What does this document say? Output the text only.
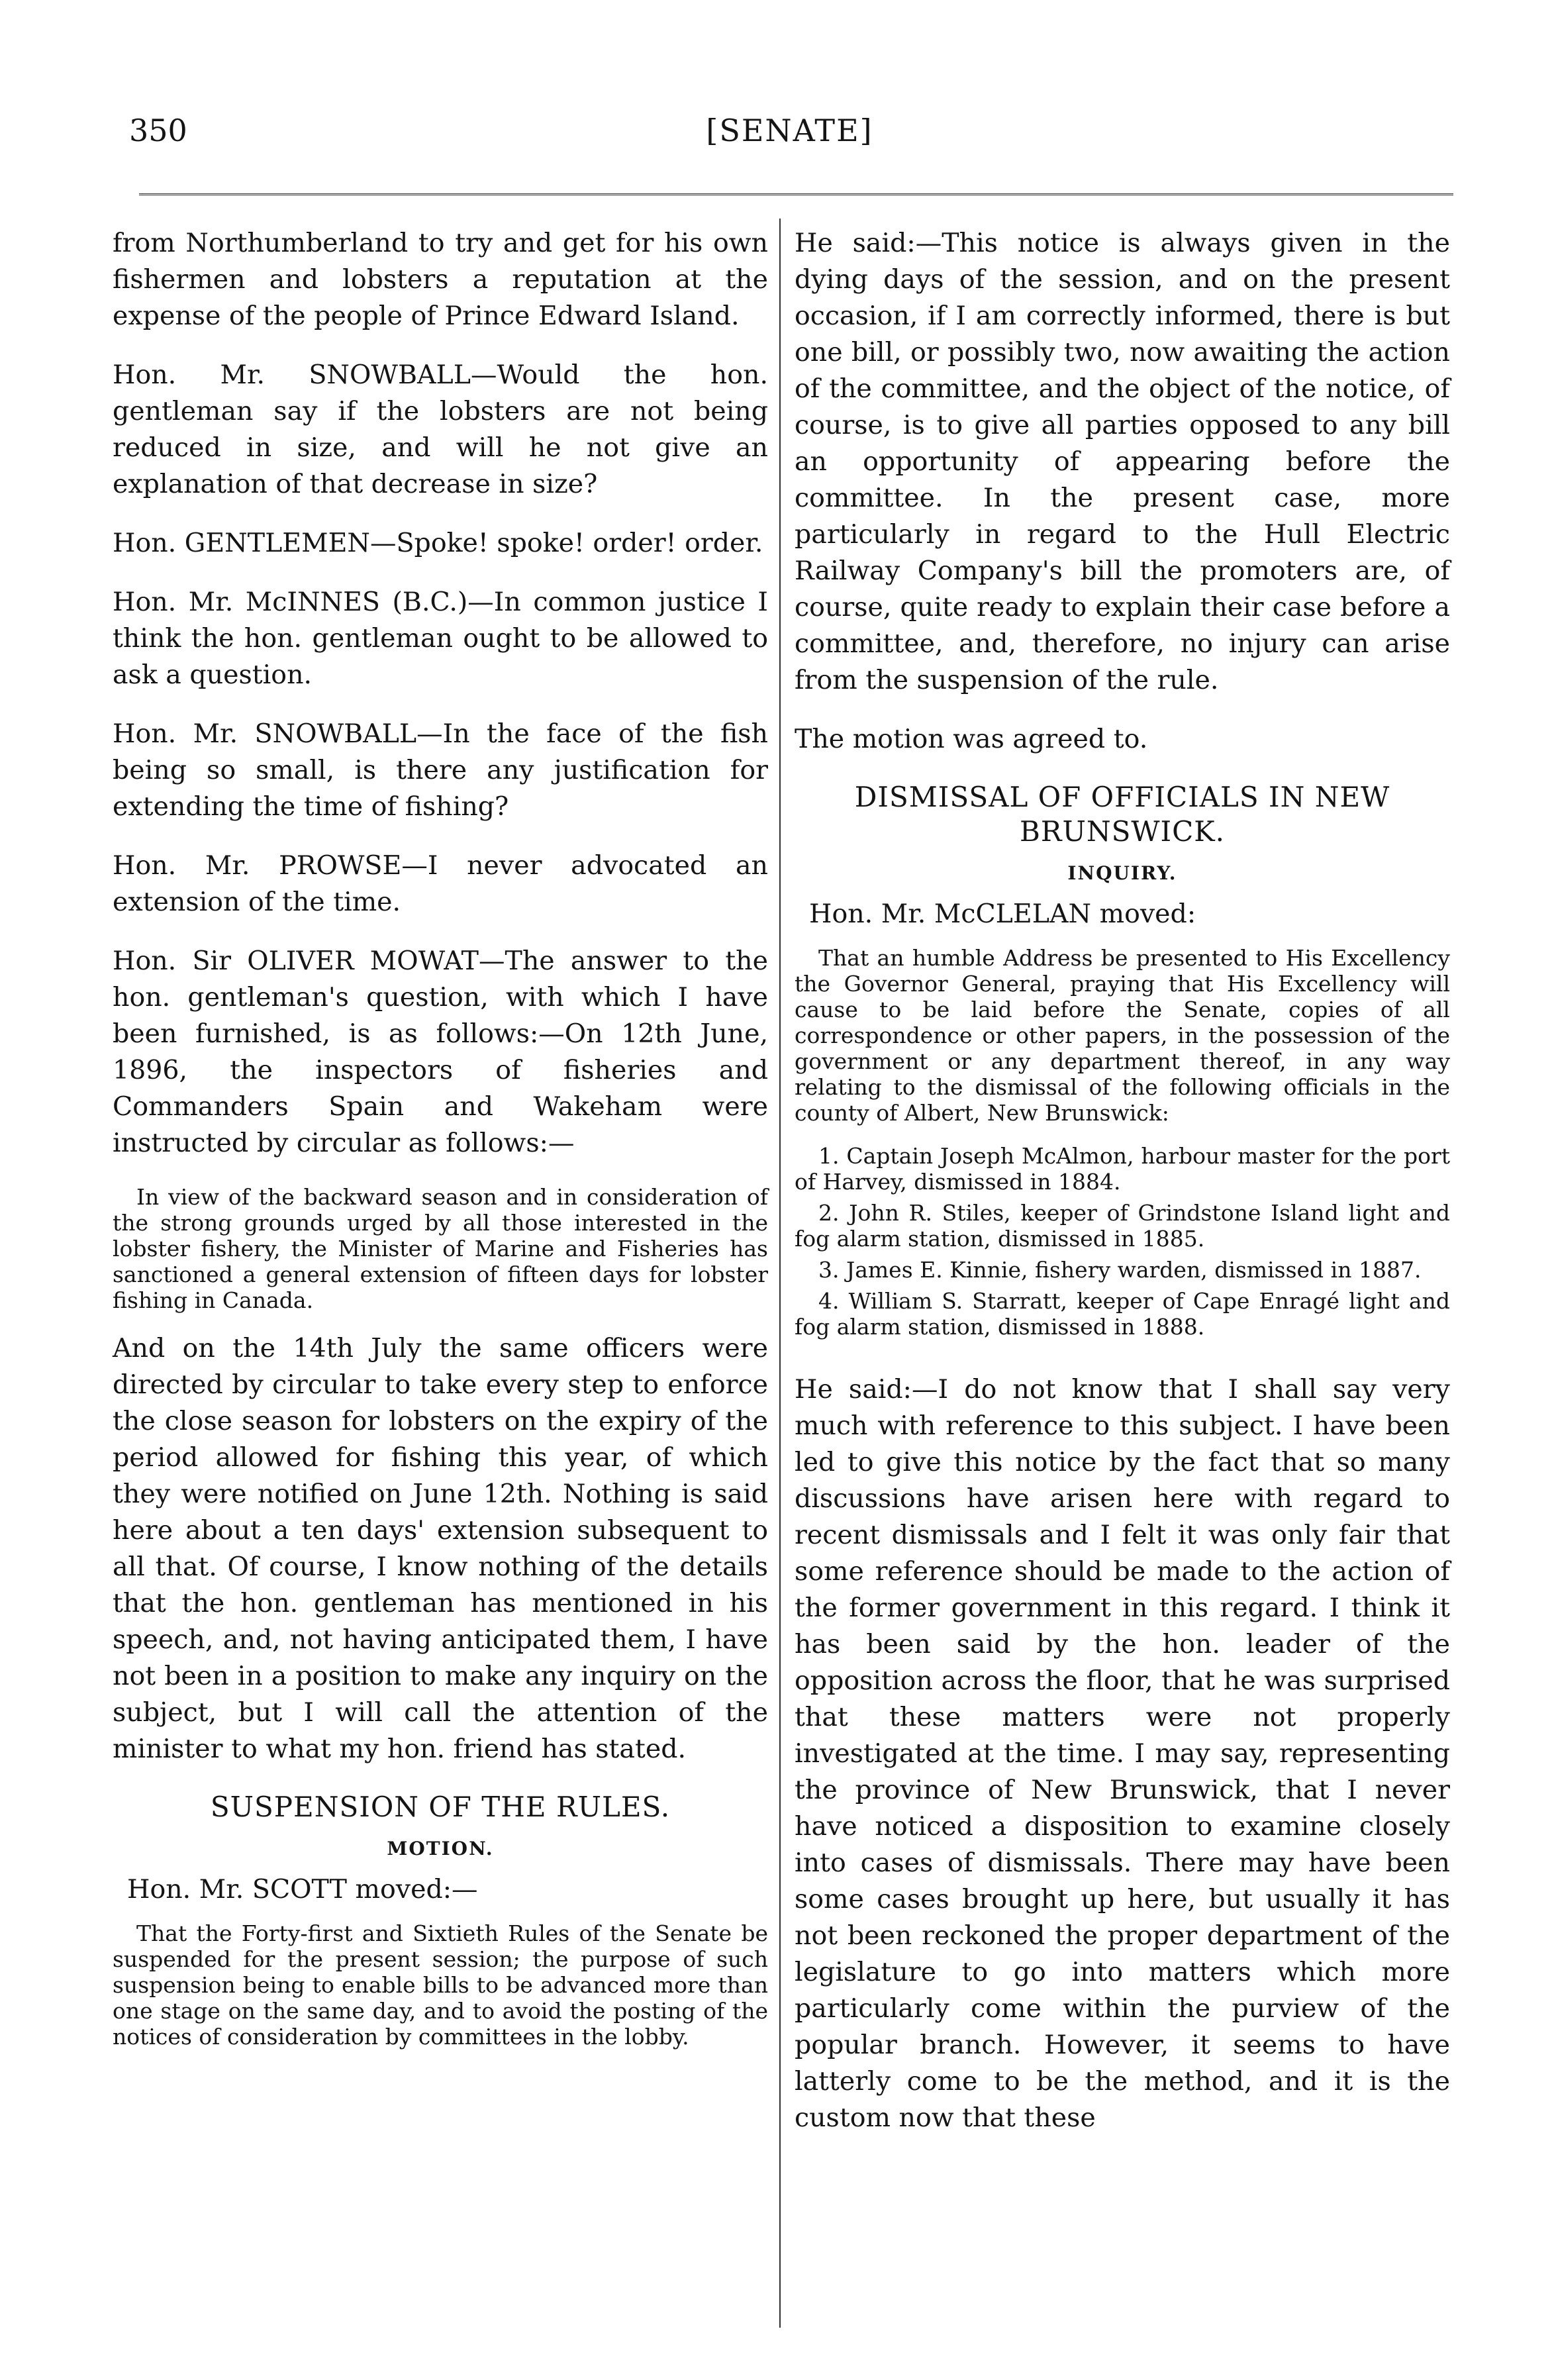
350	[SENATE]

from Northumberland to try and get for his own fishermen and lobsters a reputation at the expense of the people of Prince Edward Island.

Hon. Mr. SNOWBALL—Would the hon. gentleman say if the lobsters are not being reduced in size, and will he not give an explanation of that decrease in size?

Hon. GENTLEMEN—Spoke! spoke! order! order.

Hon. Mr. McINNES (B.C.)—In common justice I think the hon. gentleman ought to be allowed to ask a question.

Hon. Mr. SNOWBALL—In the face of the fish being so small, is there any justification for extending the time of fishing?

Hon. Mr. PROWSE—I never advocated an extension of the time.

Hon. Sir OLIVER MOWAT—The answer to the hon. gentleman's question, with which I have been furnished, is as follows:—On 12th June, 1896, the inspectors of fisheries and Commanders Spain and Wakeham were instructed by circular as follows:—

In view of the backward season and in consideration of the strong grounds urged by all those interested in the lobster fishery, the Minister of Marine and Fisheries has sanctioned a general extension of fifteen days for lobster fishing in Canada.

And on the 14th July the same officers were directed by circular to take every step to enforce the close season for lobsters on the expiry of the period allowed for fishing this year, of which they were notified on June 12th. Nothing is said here about a ten days' extension subsequent to all that. Of course, I know nothing of the details that the hon. gentleman has mentioned in his speech, and, not having anticipated them, I have not been in a position to make any inquiry on the subject, but I will call the attention of the minister to what my hon. friend has stated.

SUSPENSION OF THE RULES.
MOTION.

Hon. Mr. SCOTT moved:—

That the Forty-first and Sixtieth Rules of the Senate be suspended for the present session; the purpose of such suspension being to enable bills to be advanced more than one stage on the same day, and to avoid the posting of the notices of consideration by committees in the lobby.

He said:—This notice is always given in the dying days of the session, and on the present occasion, if I am correctly informed, there is but one bill, or possibly two, now awaiting the action of the committee, and the object of the notice, of course, is to give all parties opposed to any bill an opportunity of appearing before the committee. In the present case, more particularly in regard to the Hull Electric Railway Company's bill the promoters are, of course, quite ready to explain their case before a committee, and, therefore, no injury can arise from the suspension of the rule.

The motion was agreed to.

DISMISSAL OF OFFICIALS IN NEW BRUNSWICK.
INQUIRY.

Hon. Mr. McCLELAN moved:

That an humble Address be presented to His Excellency the Governor General, praying that His Excellency will cause to be laid before the Senate, copies of all correspondence or other papers, in the possession of the government or any department thereof, in any way relating to the dismissal of the following officials in the county of Albert, New Brunswick:

1. Captain Joseph McAlmon, harbour master for the port of Harvey, dismissed in 1884.

2. John R. Stiles, keeper of Grindstone Island light and fog alarm station, dismissed in 1885.

3. James E. Kinnie, fishery warden, dismissed in 1887.

4. William S. Starratt, keeper of Cape Enragé light and fog alarm station, dismissed in 1888.

He said:—I do not know that I shall say very much with reference to this subject. I have been led to give this notice by the fact that so many discussions have arisen here with regard to recent dismissals and I felt it was only fair that some reference should be made to the action of the former government in this regard. I think it has been said by the hon. leader of the opposition across the floor, that he was surprised that these matters were not properly investigated at the time. I may say, representing the province of New Brunswick, that I never have noticed a disposition to examine closely into cases of dismissals. There may have been some cases brought up here, but usually it has not been reckoned the proper department of the legislature to go into matters which more particularly come within the purview of the popular branch. However, it seems to have latterly come to be the method, and it is the custom now that these
